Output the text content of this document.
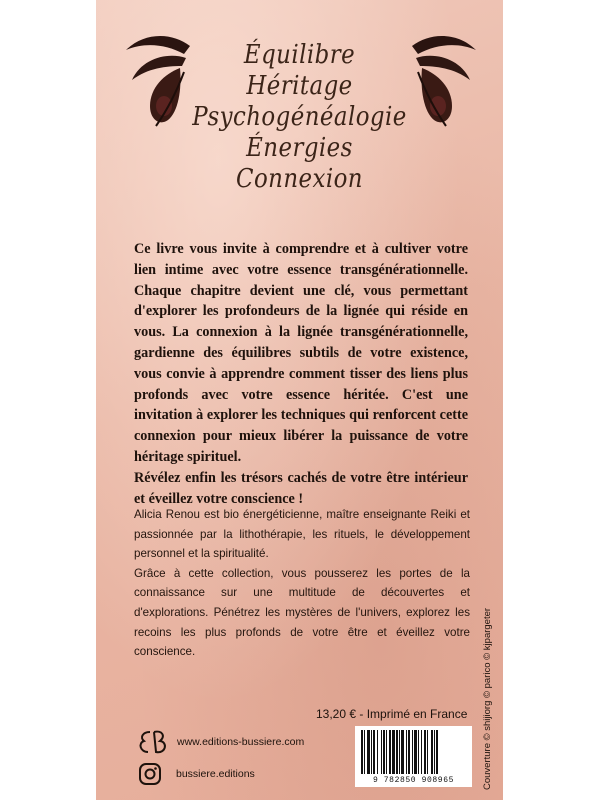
Équilibre
Héritage
Psychogénéalogie
Énergies
Connexion

Ce livre vous invite à comprendre et à cultiver votre lien intime avec votre essence transgénérationnelle. Chaque chapitre devient une clé, vous permettant d'explorer les profondeurs de la lignée qui réside en vous. La connexion à la lignée transgénérationnelle, gardienne des équilibres subtils de votre existence, vous convie à apprendre comment tisser des liens plus profonds avec votre essence héritée. C'est une invitation à explorer les techniques qui renforcent cette connexion pour mieux libérer la puissance de votre héritage spirituel.

Révélez enfin les trésors cachés de votre être intérieur et éveillez votre conscience !

Alicia Renou est bio énergéticienne, maître enseignante Reiki et passionnée par la lithothérapie, les rituels, le développement personnel et la spiritualité.

Grâce à cette collection, vous pousserez les portes de la connaissance sur une multitude de découvertes et d'explorations. Pénétrez les mystères de l'univers, explorez les recoins les plus profonds de votre être et éveillez votre conscience.

13,20 € - Imprimé en France
www.editions-bussiere.com
bussiere.editions
9 782850 908965	Couverture © shijiorg © parico © kjpargeter
